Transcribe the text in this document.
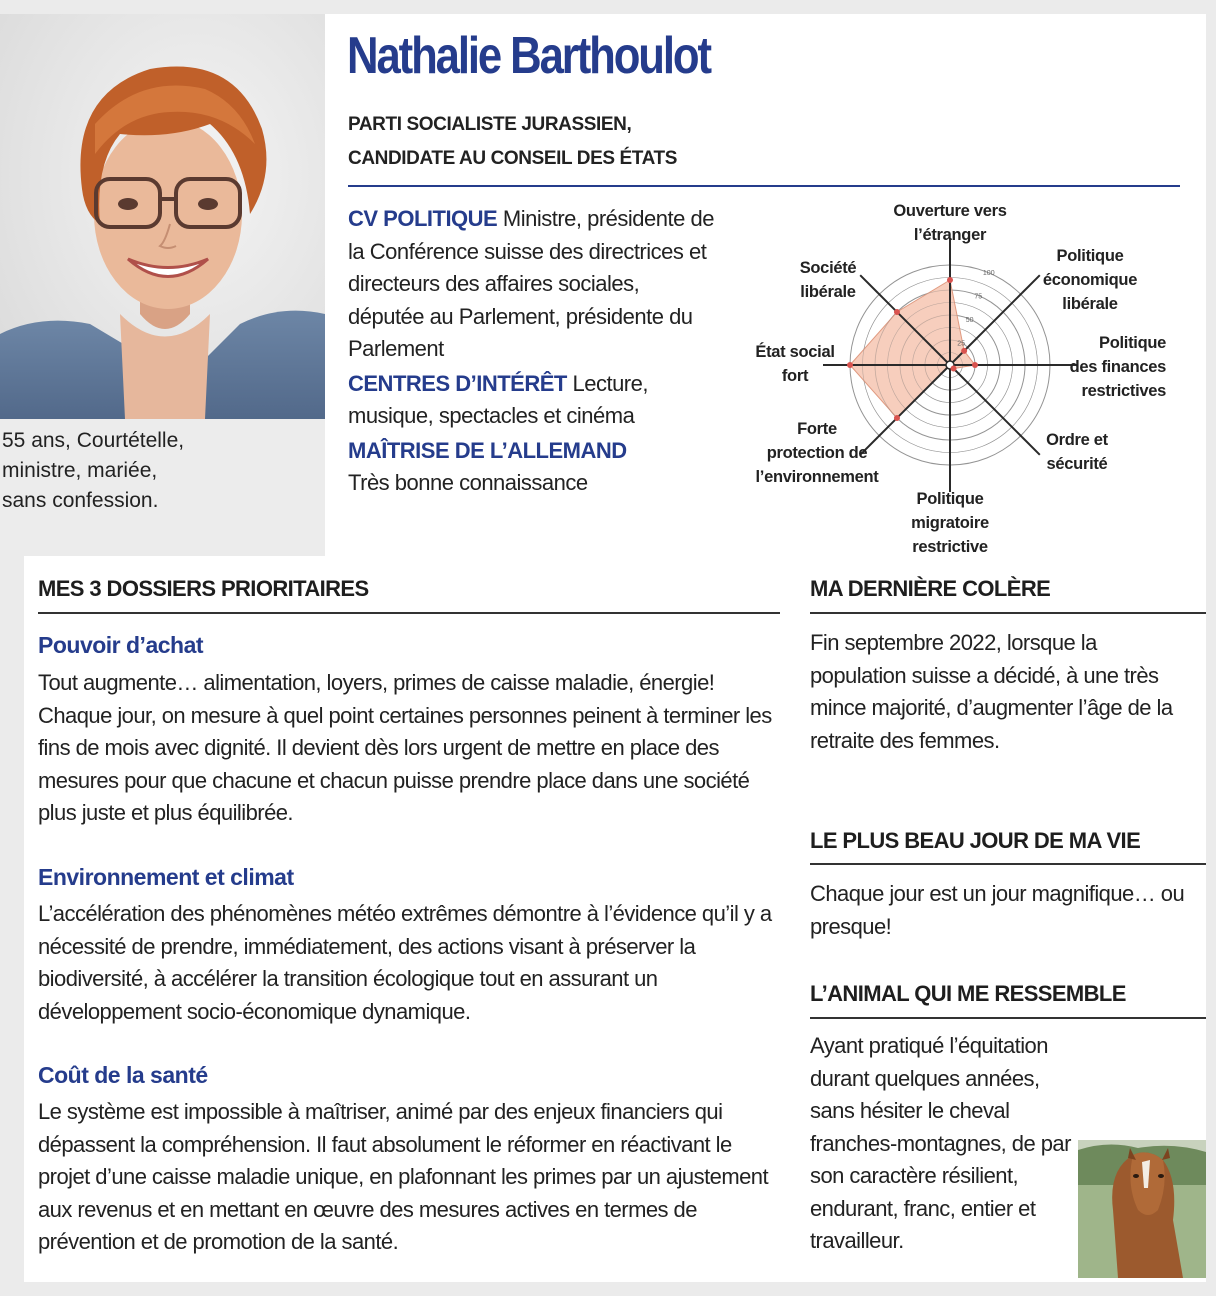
55 ans, Courtételle,
ministre, mariée,
sans confession.
Nathalie Barthoulot
PARTI SOCIALISTE JURASSIEN,
CANDIDATE AU CONSEIL DES ÉTATS

CV POLITIQUE Ministre, présidente de la Conférence suisse des directrices et directeurs des affaires sociales, députée au Parlement, présidente du Parlement

CENTRES D’INTÉRÊT Lecture, musique, spectacles et cinéma

MAÎTRISE DE L’ALLEMAND
Très bonne connaissance

25
50
75
100
Ouverture vers
l’étranger
Politique
économique
libérale
Politique
des finances
restrictives
Ordre et
sécurité
Politique
migratoire
restrictive
Forte
protection de
l’environnement
État social
fort
Société
libérale
MES 3 DOSSIERS PRIORITAIRES
Pouvoir d’achat
Tout augmente… alimentation, loyers, primes de caisse maladie, énergie! Chaque jour, on mesure à quel point certaines personnes peinent à terminer les fins de mois avec dignité. Il devient dès lors urgent de mettre en place des mesures pour que chacune et chacun puisse prendre place dans une société plus juste et plus équilibrée.
Environnement et climat
L’accélération des phénomènes météo extrêmes démontre à l’évidence qu’il y a nécessité de prendre, immédiatement, des actions visant à préserver la biodiversité, à accélérer la transition écologique tout en assurant un développement socio-économique dynamique.
Coût de la santé
Le système est impossible à maîtriser, animé par des enjeux financiers qui dépassent la compréhension. Il faut absolument le réformer en réactivant le projet d’une caisse maladie unique, en plafonnant les primes par un ajustement aux revenus et en mettant en œuvre des mesures actives en termes de prévention et de promotion de la santé.
MA DERNIÈRE COLÈRE
Fin septembre 2022, lorsque la population suisse a décidé, à une très mince majorité, d’augmenter l’âge de la retraite des femmes.
LE PLUS BEAU JOUR DE MA VIE
Chaque jour est un jour magnifique… ou presque!
L’ANIMAL QUI ME RESSEMBLE
Ayant pratiqué l’équitation durant quelques années, sans hésiter le cheval franches-montagnes, de par son caractère résilient, endurant, franc, entier et travailleur.
